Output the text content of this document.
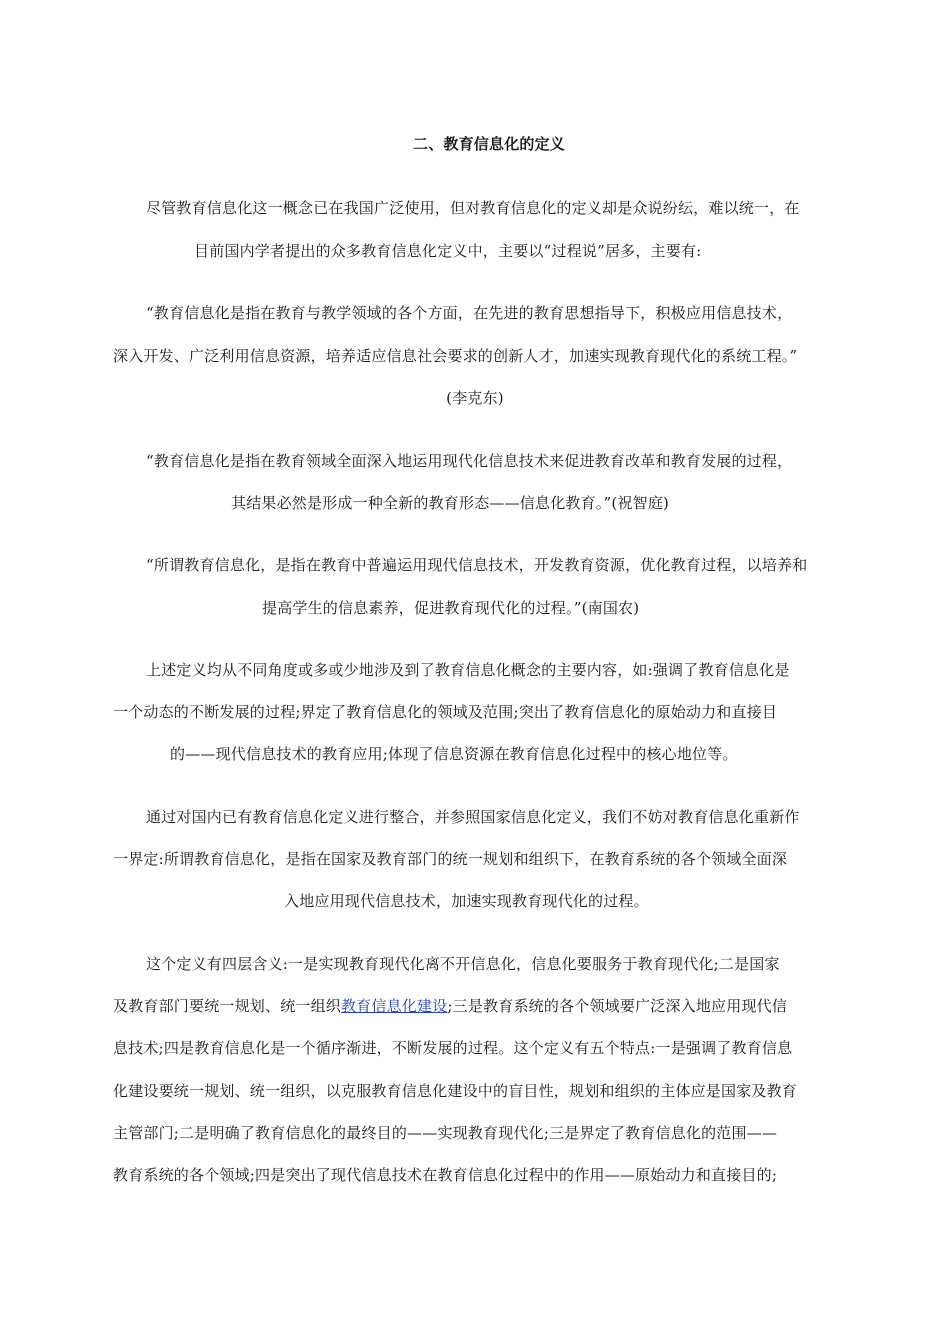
二、教育信息化的定义
尽管教育信息化这一概念已在我国广泛使用，但对教育信息化的定义却是众说纷纭，难以统一，在
目前国内学者提出的众多教育信息化定义中，主要以“过程说”居多，主要有:
“教育信息化是指在教育与教学领域的各个方面，在先进的教育思想指导下，积极应用信息技术，
深入开发、广泛利用信息资源，培养适应信息社会要求的创新人才，加速实现教育现代化的系统工程。”
(李克东)
“教育信息化是指在教育领域全面深入地运用现代化信息技术来促进教育改革和教育发展的过程，
其结果必然是形成一种全新的教育形态——信息化教育。”(祝智庭)
“所谓教育信息化，是指在教育中普遍运用现代信息技术，开发教育资源，优化教育过程，以培养和
提高学生的信息素养，促进教育现代化的过程。”(南国农)
上述定义均从不同角度或多或少地涉及到了教育信息化概念的主要内容，如:强调了教育信息化是
一个动态的不断发展的过程;界定了教育信息化的领域及范围;突出了教育信息化的原始动力和直接目
的——现代信息技术的教育应用;体现了信息资源在教育信息化过程中的核心地位等。
通过对国内已有教育信息化定义进行整合，并参照国家信息化定义，我们不妨对教育信息化重新作
一界定:所谓教育信息化，是指在国家及教育部门的统一规划和组织下，在教育系统的各个领域全面深
入地应用现代信息技术，加速实现教育现代化的过程。
这个定义有四层含义:一是实现教育现代化离不开信息化，信息化要服务于教育现代化;二是国家
及教育部门要统一规划、统一组织教育信息化建设;三是教育系统的各个领域要广泛深入地应用现代信
息技术;四是教育信息化是一个循序渐进，不断发展的过程。这个定义有五个特点:一是强调了教育信息
化建设要统一规划、统一组织，以克服教育信息化建设中的盲目性，规划和组织的主体应是国家及教育
主管部门;二是明确了教育信息化的最终目的——实现教育现代化;三是界定了教育信息化的范围——
教育系统的各个领域;四是突出了现代信息技术在教育信息化过程中的作用——原始动力和直接目的;
